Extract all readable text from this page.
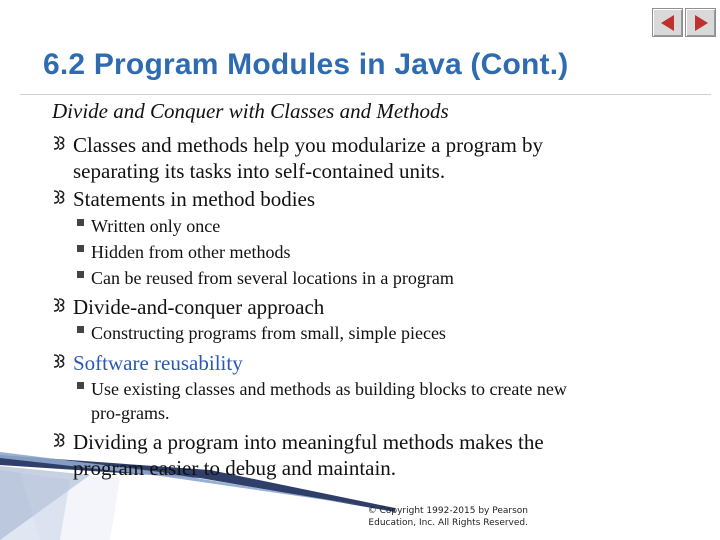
6.2 Program Modules in Java (Cont.)
Divide and Conquer with Classes and Methods
Classes and methods help you modularize a program by
separating its tasks into self-contained units.
Statements in method bodies
Written only once
Hidden from other methods
Can be reused from several locations in a program
Divide-and-conquer approach
Constructing programs from small, simple pieces
Software reusability
Use existing classes and methods as building blocks to create new
pro-grams.
Dividing a program into meaningful methods makes the
program easier to debug and maintain.
© Copyright 1992-2015 by Pearson
Education, Inc. All Rights Reserved.
